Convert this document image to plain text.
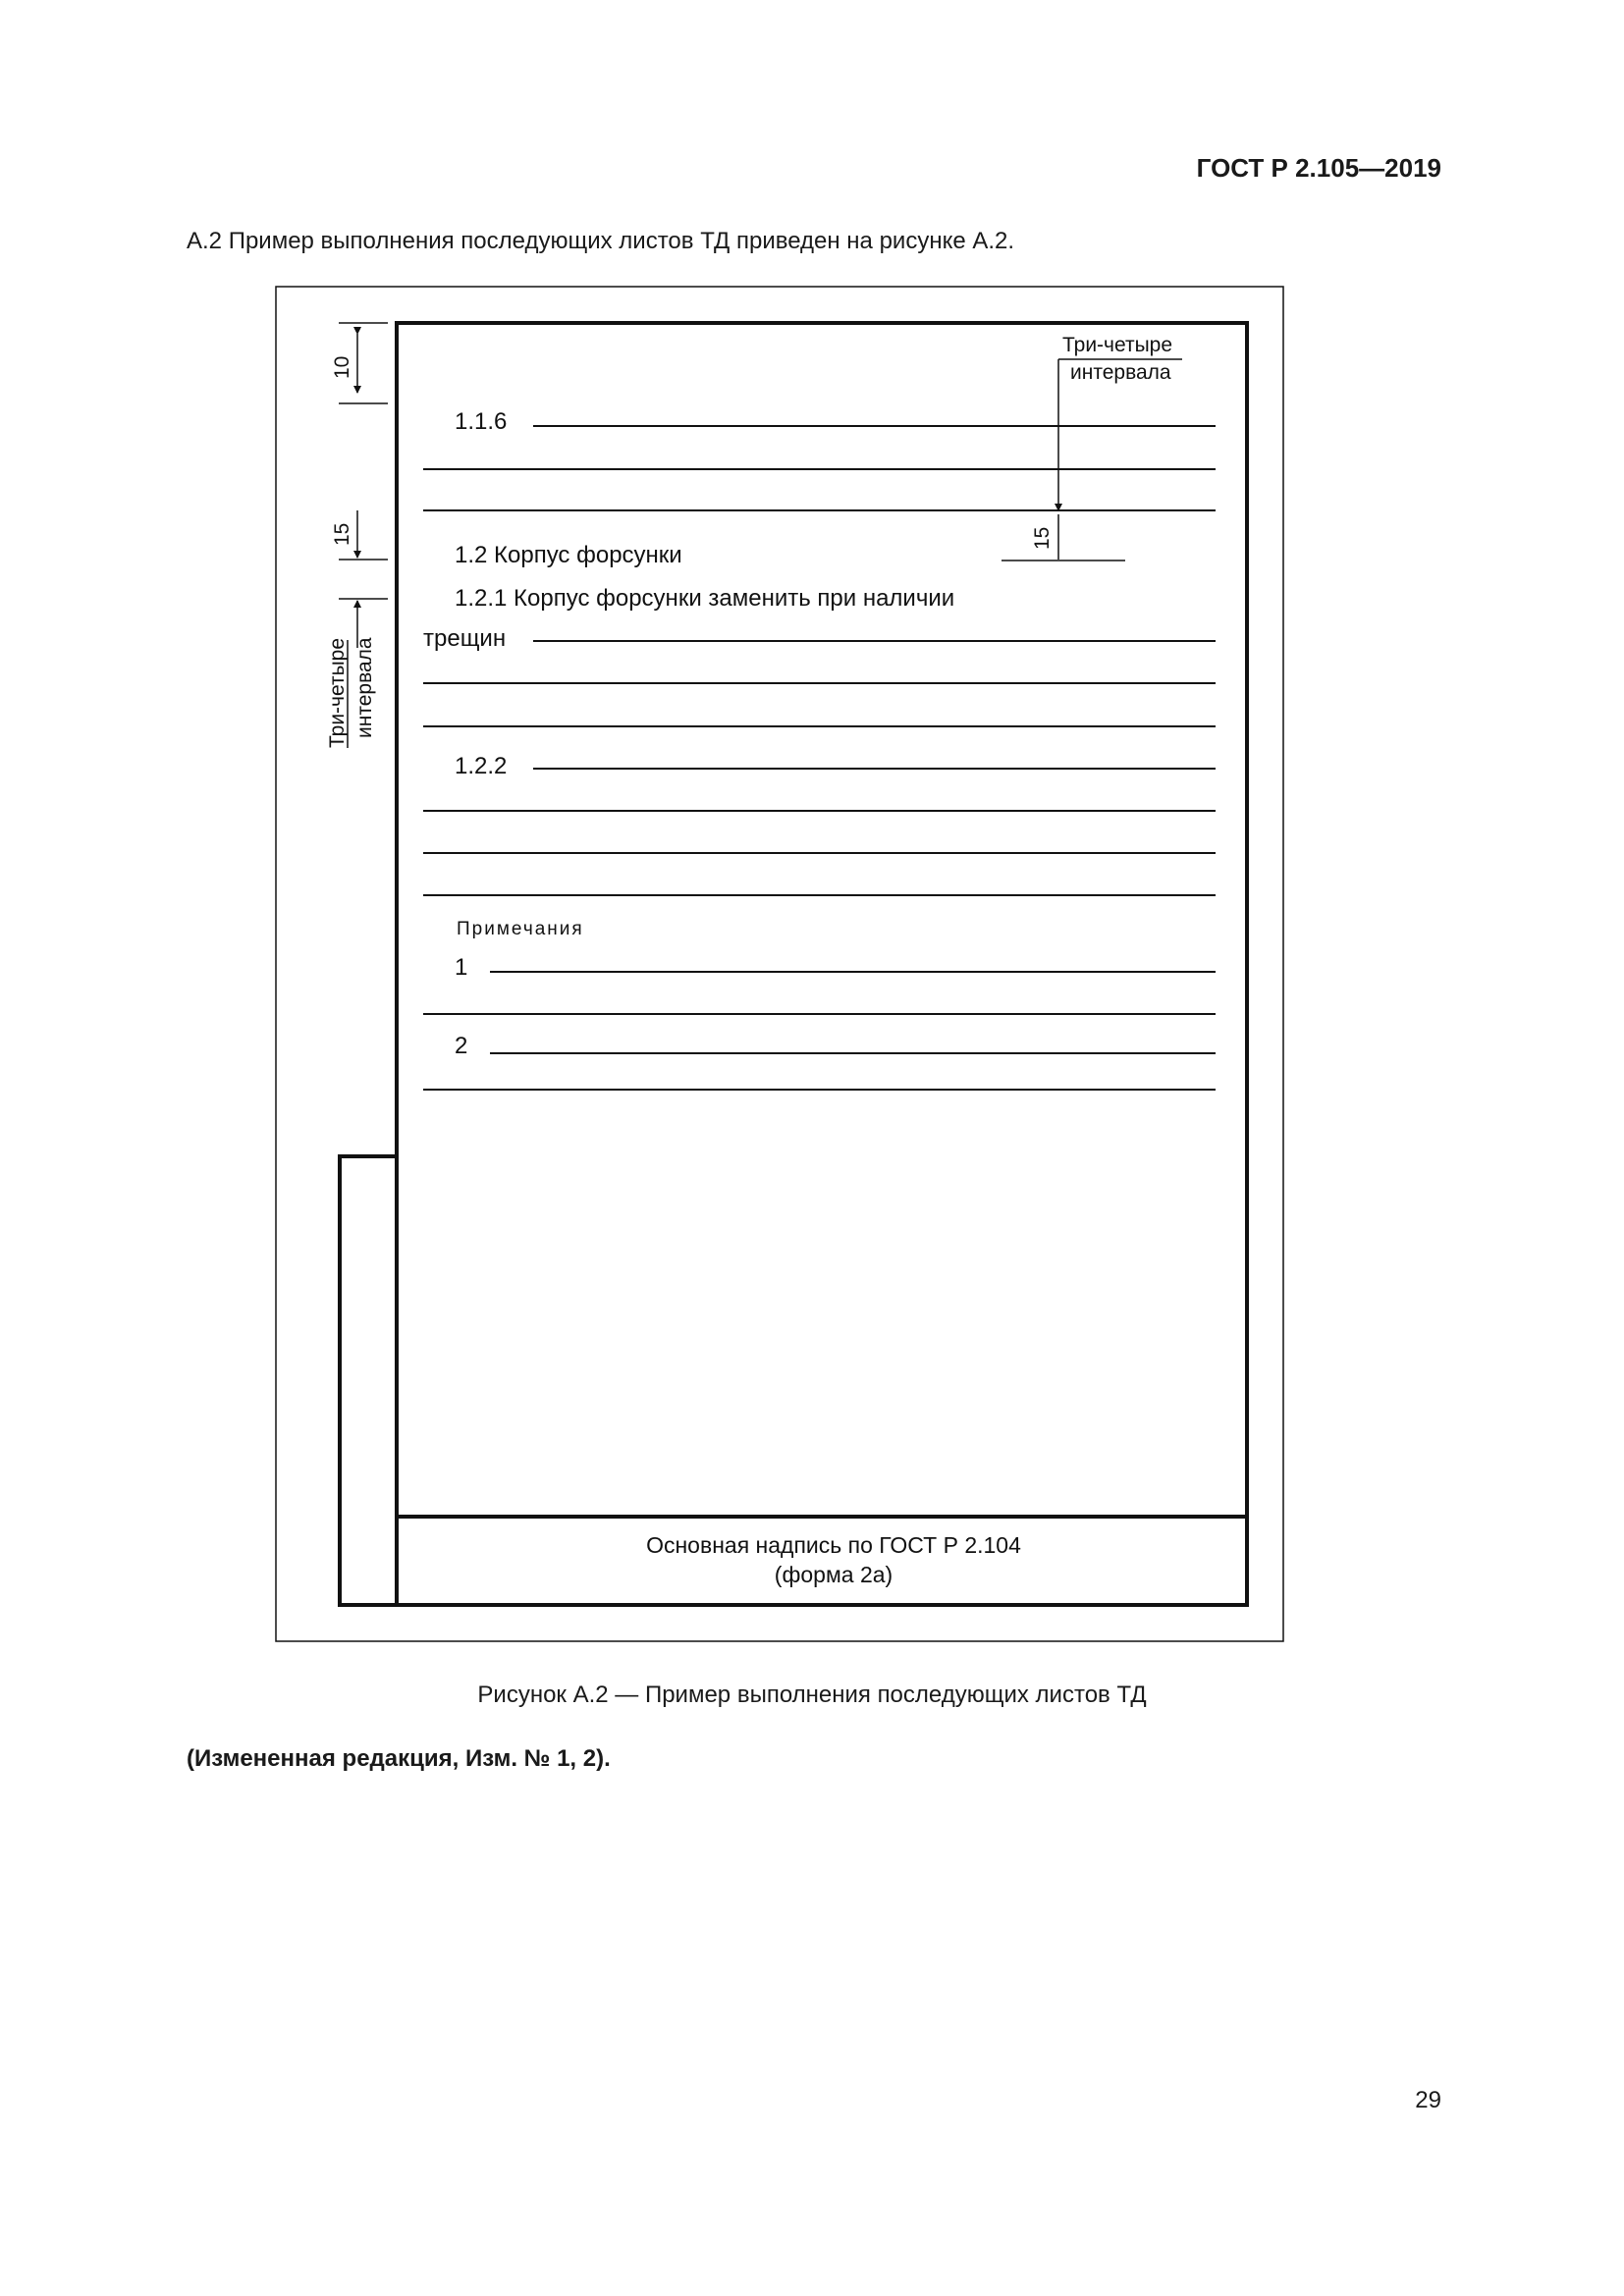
ГОСТ Р 2.105—2019
А.2 Пример выполнения последующих листов ТД приведен на рисунке А.2.
10
15
Три-четыре интервала
Три-четыре
интервала
15
1.1.6
1.2 Корпус форсунки
1.2.1 Корпус форсунки заменить при наличии
трещин
1.2.2
Примечания
1
2
Основная надпись по ГОСТ Р 2.104
(форма 2а)
Рисунок А.2 — Пример выполнения последующих листов ТД
(Измененная редакция, Изм. № 1, 2).
29
